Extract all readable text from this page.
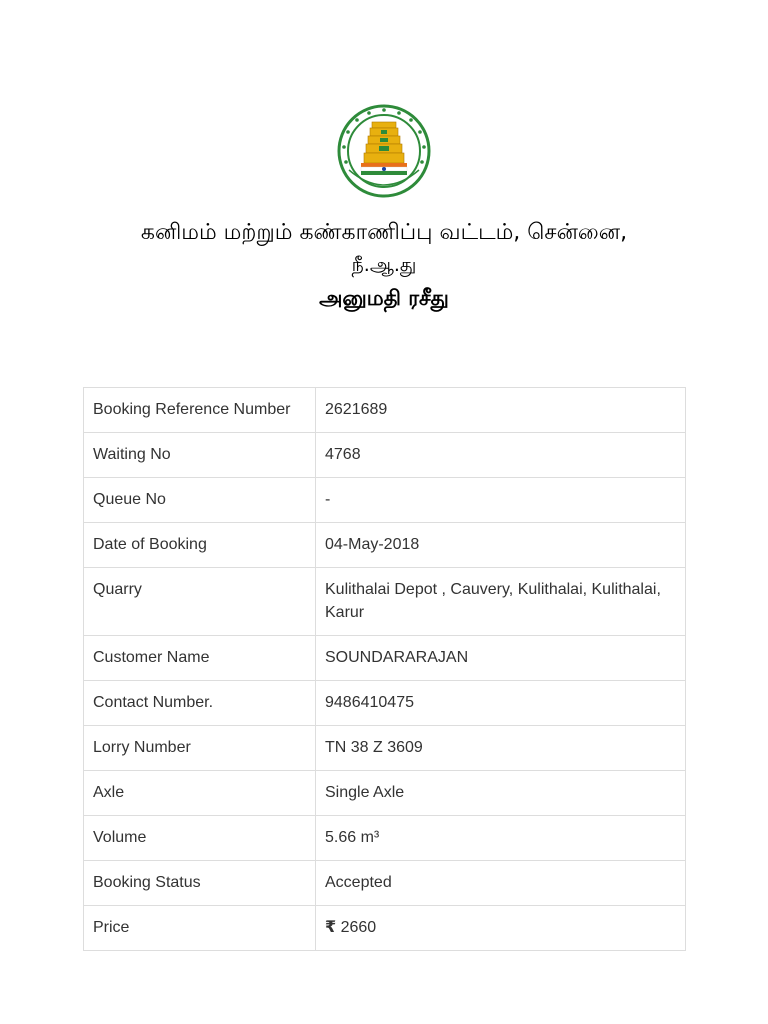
கனிமம் மற்றும் கண்காணிப்பு வட்டம், சென்னை,
நீ.ஆ.து
அனுமதி ரசீது
Booking Reference Number	2621689
Waiting No	4768
Queue No	-
Date of Booking	04-May-2018
Quarry	Kulithalai Depot , Cauvery, Kulithalai, Kulithalai, Karur
Customer Name	SOUNDARARAJAN
Contact Number.	9486410475
Lorry Number	TN 38 Z 3609
Axle	Single Axle
Volume	5.66 m³
Booking Status	Accepted
Price	₹ 2660
